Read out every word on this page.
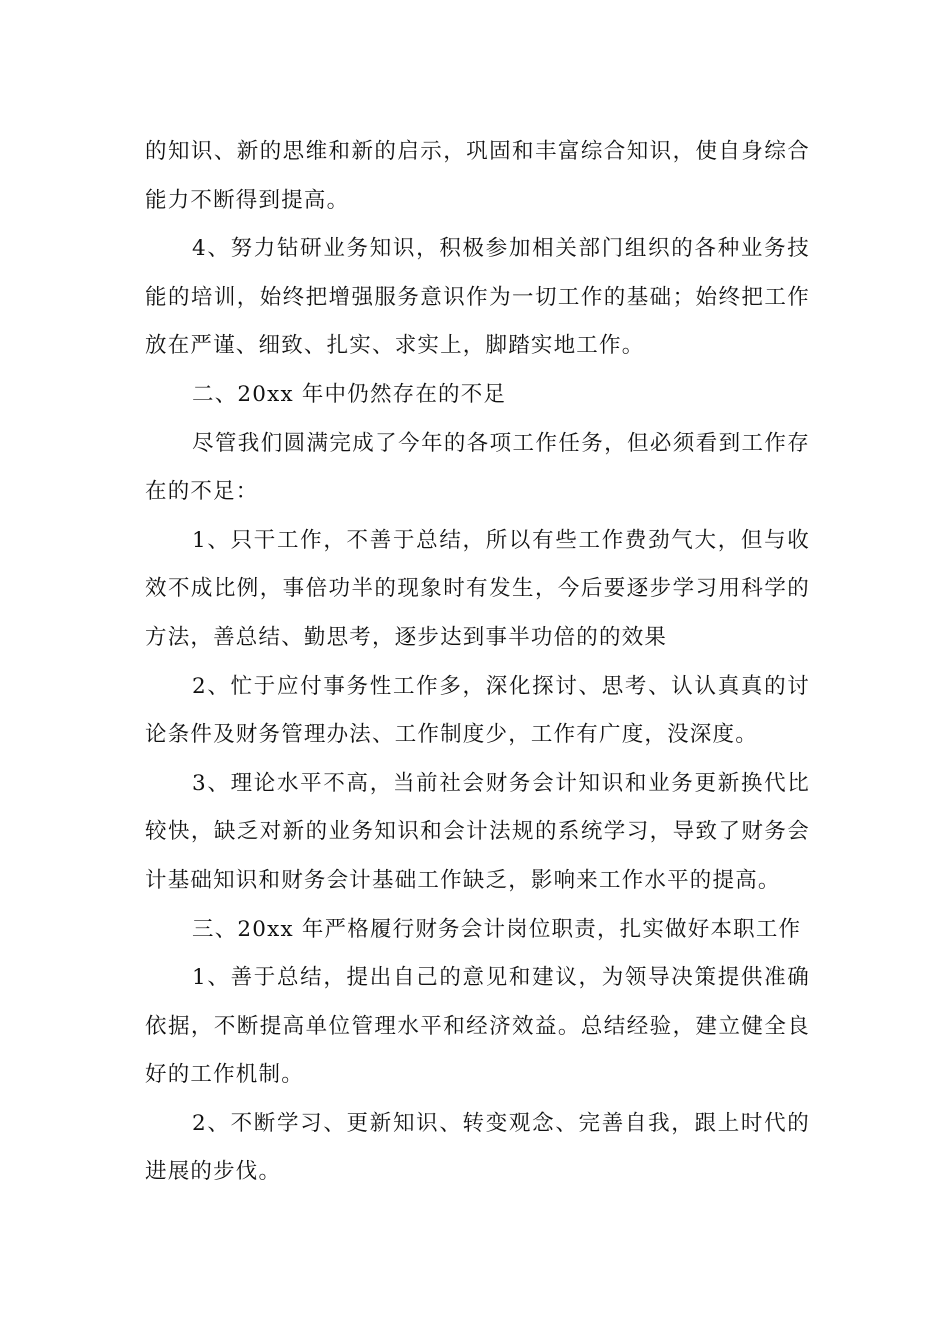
的知识、新的思维和新的启示，巩固和丰富综合知识，使自身综合能力不断得到提高。

4、努力钻研业务知识，积极参加相关部门组织的各种业务技能的培训，始终把增强服务意识作为一切工作的基础；始终把工作放在严谨、细致、扎实、求实上，脚踏实地工作。

二、20xx 年中仍然存在的不足

尽管我们圆满完成了今年的各项工作任务，但必须看到工作存在的不足：

1、只干工作，不善于总结，所以有些工作费劲气大，但与收效不成比例，事倍功半的现象时有发生，今后要逐步学习用科学的方法，善总结、勤思考，逐步达到事半功倍的的效果

2、忙于应付事务性工作多，深化探讨、思考、认认真真的讨论条件及财务管理办法、工作制度少，工作有广度，没深度。

3、理论水平不高，当前社会财务会计知识和业务更新换代比较快，缺乏对新的业务知识和会计法规的系统学习，导致了财务会计基础知识和财务会计基础工作缺乏，影响来工作水平的提高。

三、20xx 年严格履行财务会计岗位职责，扎实做好本职工作

1、善于总结，提出自己的意见和建议，为领导决策提供准确依据，不断提高单位管理水平和经济效益。总结经验，建立健全良好的工作机制。

2、不断学习、更新知识、转变观念、完善自我，跟上时代的进展的步伐。
